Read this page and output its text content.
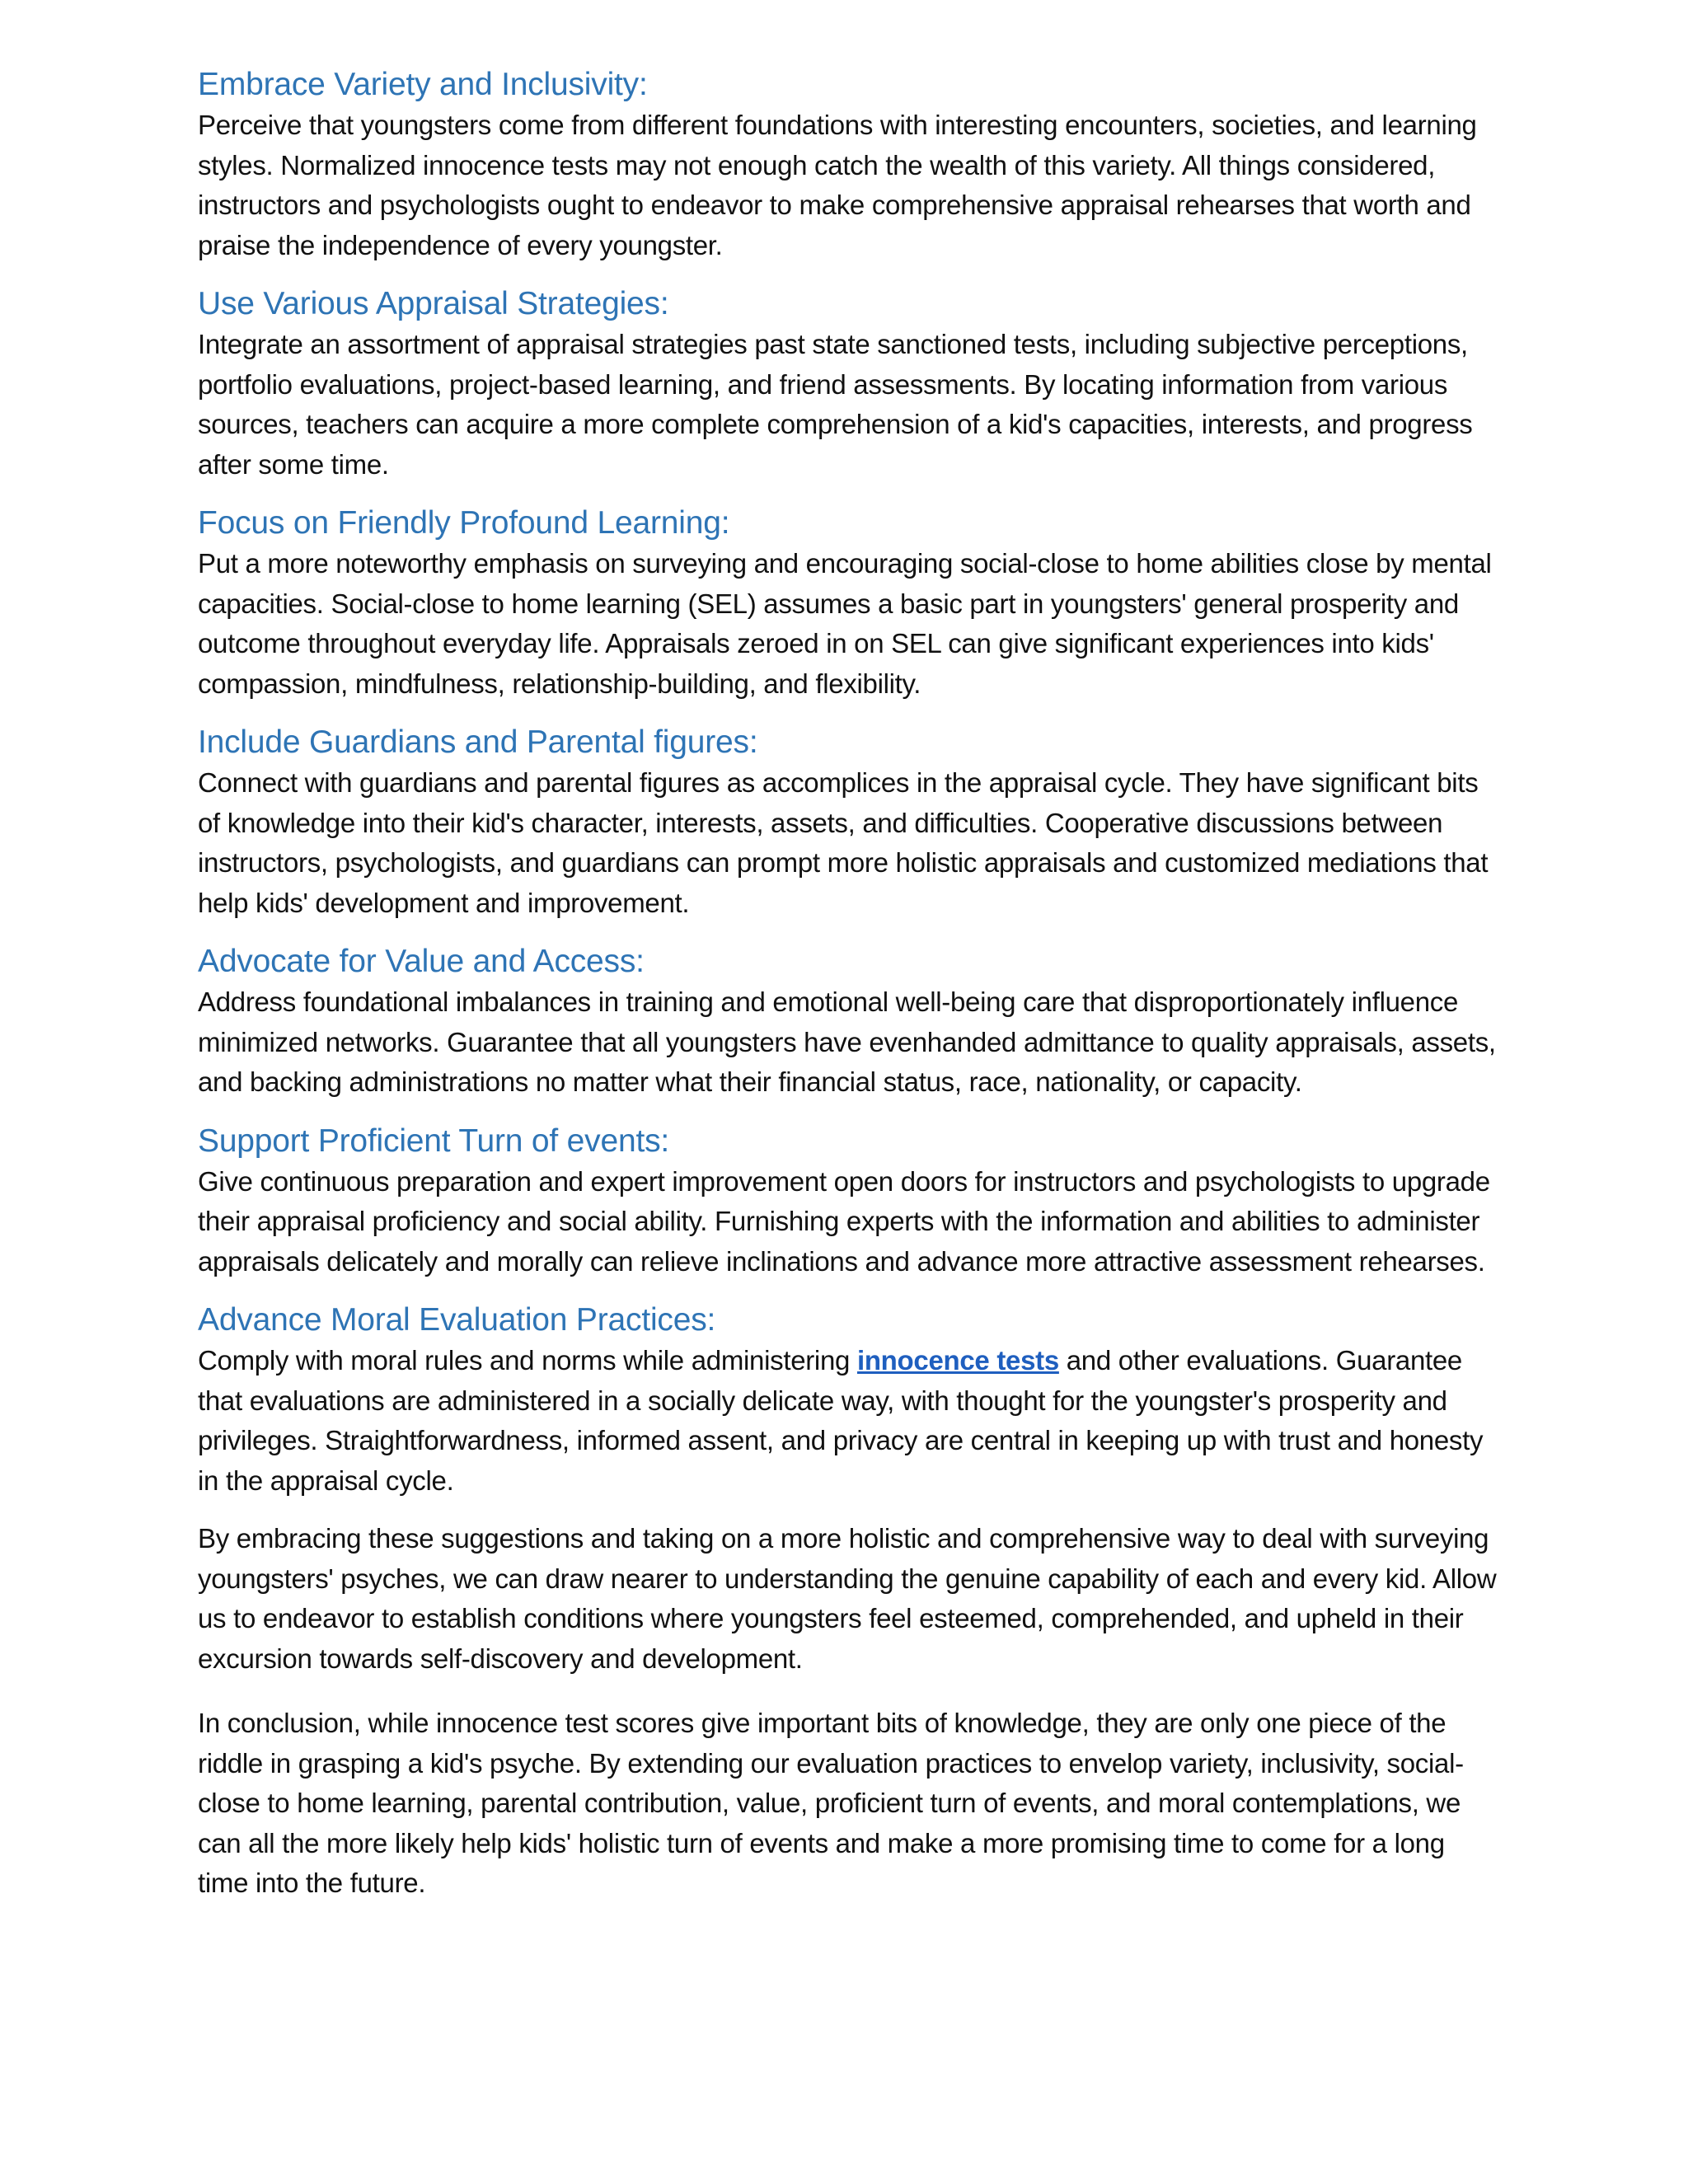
Embrace Variety and Inclusivity:

Perceive that youngsters come from different foundations with interesting encounters, societies, and learning styles. Normalized innocence tests may not enough catch the wealth of this variety. All things considered, instructors and psychologists ought to endeavor to make comprehensive appraisal rehearses that worth and praise the independence of every youngster.

Use Various Appraisal Strategies:

Integrate an assortment of appraisal strategies past state sanctioned tests, including subjective perceptions, portfolio evaluations, project-based learning, and friend assessments. By locating information from various sources, teachers can acquire a more complete comprehension of a kid's capacities, interests, and progress after some time.

Focus on Friendly Profound Learning:

Put a more noteworthy emphasis on surveying and encouraging social-close to home abilities close by mental capacities. Social-close to home learning (SEL) assumes a basic part in youngsters' general prosperity and outcome throughout everyday life. Appraisals zeroed in on SEL can give significant experiences into kids' compassion, mindfulness, relationship-building, and flexibility.

Include Guardians and Parental figures:

Connect with guardians and parental figures as accomplices in the appraisal cycle. They have significant bits of knowledge into their kid's character, interests, assets, and difficulties. Cooperative discussions between instructors, psychologists, and guardians can prompt more holistic appraisals and customized mediations that help kids' development and improvement.

Advocate for Value and Access:

Address foundational imbalances in training and emotional well-being care that disproportionately influence minimized networks. Guarantee that all youngsters have evenhanded admittance to quality appraisals, assets, and backing administrations no matter what their financial status, race, nationality, or capacity.

Support Proficient Turn of events:

Give continuous preparation and expert improvement open doors for instructors and psychologists to upgrade their appraisal proficiency and social ability. Furnishing experts with the information and abilities to administer appraisals delicately and morally can relieve inclinations and advance more attractive assessment rehearses.

Advance Moral Evaluation Practices:

Comply with moral rules and norms while administering innocence tests and other evaluations. Guarantee that evaluations are administered in a socially delicate way, with thought for the youngster's prosperity and privileges. Straightforwardness, informed assent, and privacy are central in keeping up with trust and honesty in the appraisal cycle.

By embracing these suggestions and taking on a more holistic and comprehensive way to deal with surveying youngsters' psyches, we can draw nearer to understanding the genuine capability of each and every kid. Allow us to endeavor to establish conditions where youngsters feel esteemed, comprehended, and upheld in their excursion towards self-discovery and development.

In conclusion, while innocence test scores give important bits of knowledge, they are only one piece of the riddle in grasping a kid's psyche. By extending our evaluation practices to envelop variety, inclusivity, social-close to home learning, parental contribution, value, proficient turn of events, and moral contemplations, we can all the more likely help kids' holistic turn of events and make a more promising time to come for a long time into the future.
